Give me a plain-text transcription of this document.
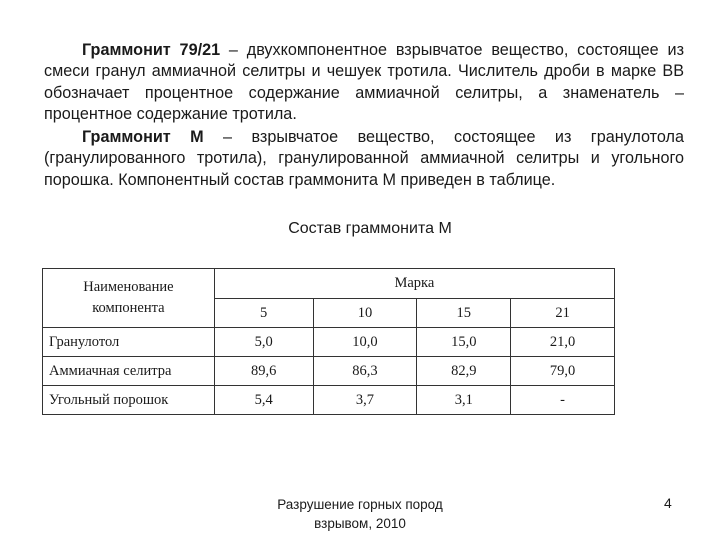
Граммонит 79/21 – двухкомпонентное взрывчатое вещество, состоящее из смеси гранул аммиачной селитры и чешуек тротила. Числитель дроби в марке ВВ обозначает процентное содержание аммиачной селитры, а знаменатель – процентное содержание тротила.

Граммонит М – взрывчатое вещество, состоящее из гранулотола (гранулированного тротила), гранулированной аммиачной селитры и угольного порошка. Компонентный состав граммонита М приведен в таблице.

Состав граммонита М
Наименование
компонента	Марка			
	5	10	15	21
Гранулотол	5,0	10,0	15,0	21,0
Аммиачная селитра	89,6	86,3	82,9	79,0
Угольный порошок	5,4	3,7	3,1	-
Разрушение горных пород
взрывом, 2010
4
